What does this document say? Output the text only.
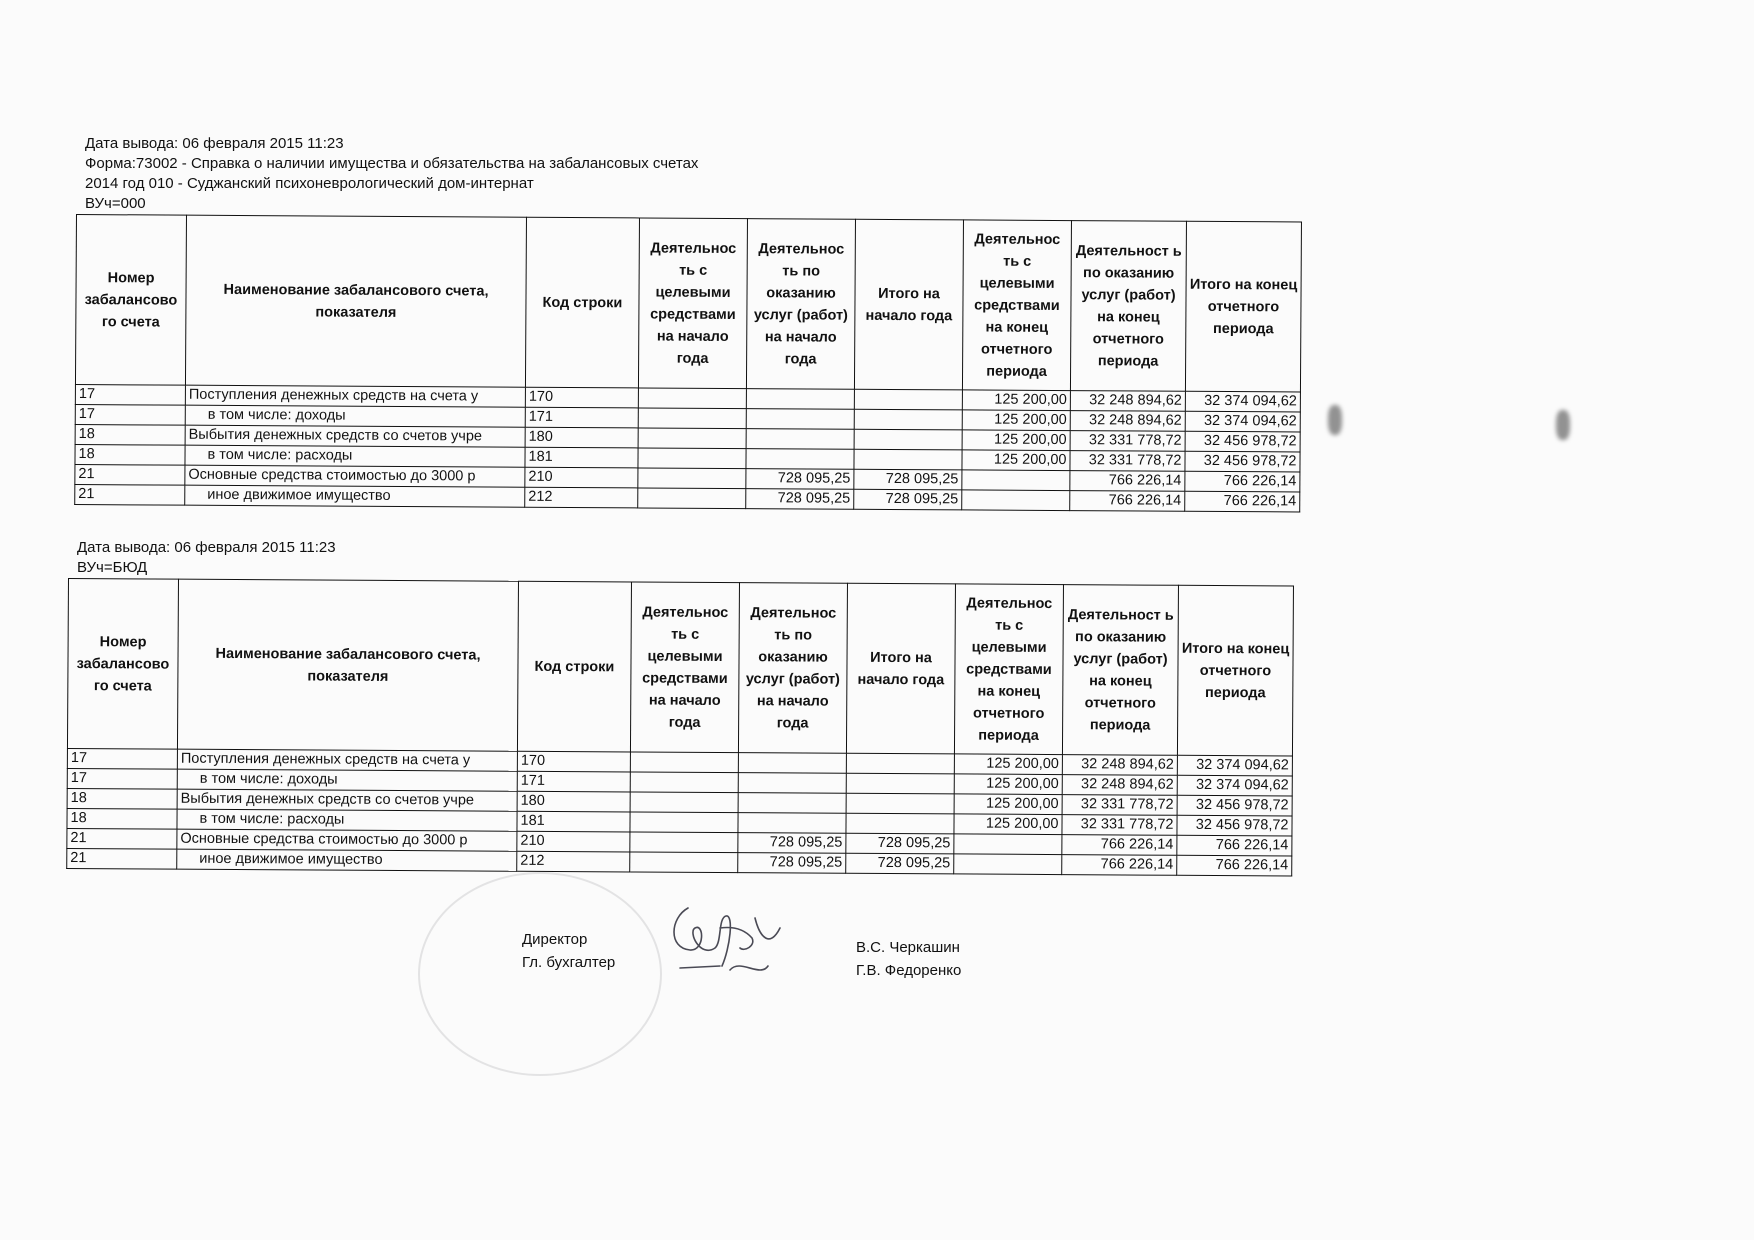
Дата вывода: 06 февраля 2015 11:23
Форма:73002 - Справка о наличии имущества и обязательства на забалансовых счетах
2014 год 010 - Суджанский психоневрологический дом-интернат
ВУч=000
Номер забалансово го счета	Наименование забалансового счета, показателя	Код строки	Деятельнос ть с целевыми средствами на начало года	Деятельнос ть по оказанию услуг (работ) на начало года	Итого на начало года	Деятельнос ть с целевыми средствами на конец отчетного периода	Деятельност ь по оказанию услуг (работ) на конец отчетного периода	Итого на конец отчетного периода
17	Поступления денежных средств на счета у	170				125 200,00	32 248 894,62	32 374 094,62
17	в том числе: доходы	171				125 200,00	32 248 894,62	32 374 094,62
18	Выбытия денежных средств со счетов учре	180				125 200,00	32 331 778,72	32 456 978,72
18	в том числе: расходы	181				125 200,00	32 331 778,72	32 456 978,72
21	Основные средства стоимостью до 3000 р	210		728 095,25	728 095,25		766 226,14	766 226,14
21	иное движимое имущество	212		728 095,25	728 095,25		766 226,14	766 226,14
Дата вывода: 06 февраля 2015 11:23
ВУч=БЮД
Номер забалансово го счета	Наименование забалансового счета, показателя	Код строки	Деятельнос ть с целевыми средствами на начало года	Деятельнос ть по оказанию услуг (работ) на начало года	Итого на начало года	Деятельнос ть с целевыми средствами на конец отчетного периода	Деятельност ь по оказанию услуг (работ) на конец отчетного периода	Итого на конец отчетного периода
17	Поступления денежных средств на счета у	170				125 200,00	32 248 894,62	32 374 094,62
17	в том числе: доходы	171				125 200,00	32 248 894,62	32 374 094,62
18	Выбытия денежных средств со счетов учре	180				125 200,00	32 331 778,72	32 456 978,72
18	в том числе: расходы	181				125 200,00	32 331 778,72	32 456 978,72
21	Основные средства стоимостью до 3000 р	210		728 095,25	728 095,25		766 226,14	766 226,14
21	иное движимое имущество	212		728 095,25	728 095,25		766 226,14	766 226,14
Директор
Гл. бухгалтер
В.С. Черкашин
Г.В. Федоренко
